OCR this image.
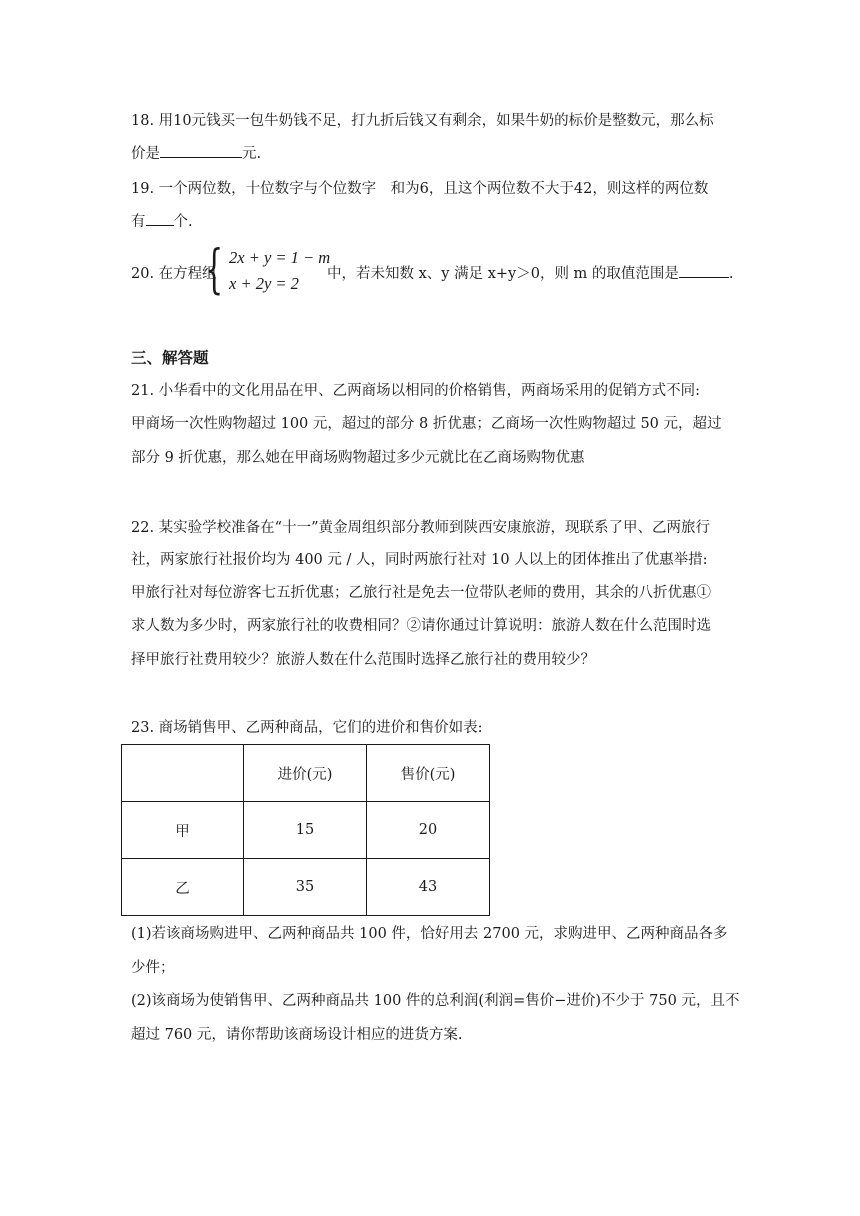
18. 用10元钱买一包牛奶钱不足，打九折后钱又有剩余，如果牛奶的标价是整数元，那么标
价是	元.
19. 一个两位数，十位数字与个位数字　和为6，且这个两位数不大于42，则这样的两位数
有 个.
20. 在方程组
{ 2x + y = 1 − m
x + 2y = 2 中，若未知数 x、y 满足 x+y＞0，则 m 的取值范围是	.
三、解答题
21. 小华看中的文化用品在甲、乙两商场以相同的价格销售，两商场采用的促销方式不同:
甲商场一次性购物超过 100 元，超过的部分 8 折优惠；乙商场一次性购物超过 50 元，超过
部分 9 折优惠，那么她在甲商场购物超过多少元就比在乙商场购物优惠
22. 某实验学校准备在“十一”黄金周组织部分教师到陕西安康旅游，现联系了甲、乙两旅行
社，两家旅行社报价均为 400 元 / 人，同时两旅行社对 10 人以上的团体推出了优惠举措:
甲旅行社对每位游客七五折优惠；乙旅行社是免去一位带队老师的费用，其余的八折优惠①
求人数为多少时，两家旅行社的收费相同？②请你通过计算说明：旅游人数在什么范围时选
择甲旅行社费用较少？旅游人数在什么范围时选择乙旅行社的费用较少？
23. 商场销售甲、乙两种商品，它们的进价和售价如表:
	进价(元)	售价(元)
甲	15	20
乙	35	43
(1)若该商场购进甲、乙两种商品共 100 件，恰好用去 2700 元，求购进甲、乙两种商品各多
少件；
(2)该商场为使销售甲、乙两种商品共 100 件的总利润(利润=售价−进价)不少于 750 元，且不
超过 760 元，请你帮助该商场设计相应的进货方案.
